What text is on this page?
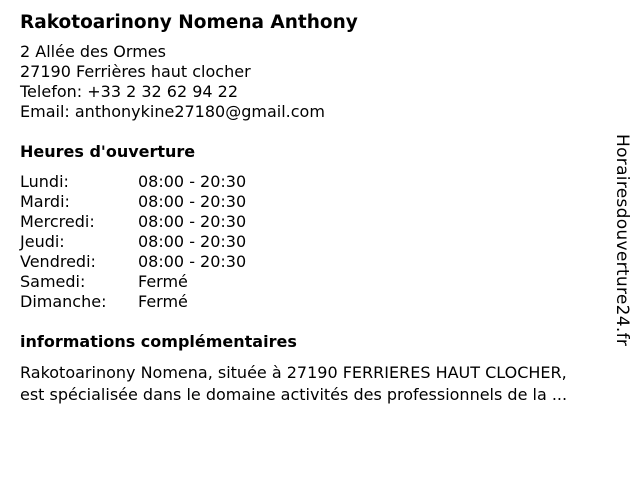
Rakotoarinony Nomena Anthony
2 Allée des Ormes
27190 Ferrières haut clocher
Telefon: +33 2 32 62 94 22
Email: anthonykine27180@gmail.com
Heures d'ouverture
Lundi:	08:00 - 20:30
Mardi:	08:00 - 20:30
Mercredi:	08:00 - 20:30
Jeudi:	08:00 - 20:30
Vendredi:	08:00 - 20:30
Samedi:	Fermé
Dimanche:	Fermé
informations complémentaires
Rakotoarinony Nomena, située à 27190 FERRIERES HAUT CLOCHER,
est spécialisée dans le domaine activités des professionnels de la ...
Horairesdouverture24.fr
